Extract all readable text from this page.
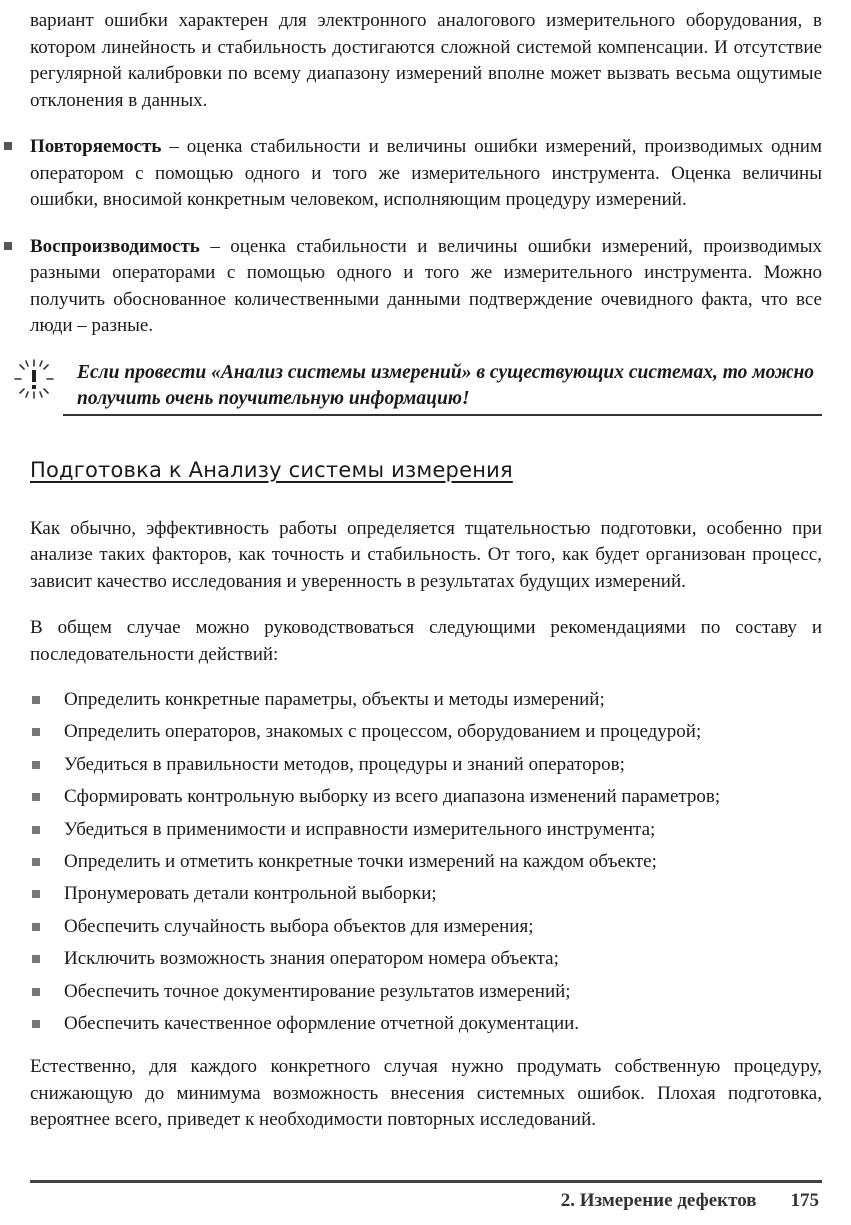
вариант ошибки характерен для электронного аналогового измерительного оборудования, в котором линейность и стабильность достигаются сложной системой компенсации. И отсутствие регулярной калибровки по всему диапазону измерений вполне может вызвать весьма ощутимые отклонения в данных.

Повторяемость – оценка стабильности и величины ошибки измерений, производимых одним оператором с помощью одного и того же измерительного инструмента. Оценка величины ошибки, вносимой конкретным человеком, исполняющим процедуру измерений.

Воспроизводимость – оценка стабильности и величины ошибки измерений, производимых разными операторами с помощью одного и того же измерительного инструмента. Можно получить обоснованное количественными данными подтверждение очевидного факта, что все люди – разные.

Если провести «Анализ системы измерений» в существующих системах, то можно получить очень поучительную информацию!

Подготовка к Анализу системы измерения

Как обычно, эффективность работы определяется тщательностью подготовки, особенно при анализе таких факторов, как точность и стабильность. От того, как будет организован процесс, зависит качество исследования и уверенность в результатах будущих измерений.

В общем случае можно руководствоваться следующими рекомендациями по составу и последовательности действий:

Определить конкретные параметры, объекты и методы измерений;
Определить операторов, знакомых с процессом, оборудованием и процедурой;
Убедиться в правильности методов, процедуры и знаний операторов;
Сформировать контрольную выборку из всего диапазона изменений параметров;
Убедиться в применимости и исправности измерительного инструмента;
Определить и отметить конкретные точки измерений на каждом объекте;
Пронумеровать детали контрольной выборки;
Обеспечить случайность выбора объектов для измерения;
Исключить возможность знания оператором номера объекта;
Обеспечить точное документирование результатов измерений;
Обеспечить качественное оформление отчетной документации.

Естественно, для каждого конкретного случая нужно продумать собственную процедуру, снижающую до минимума возможность внесения системных ошибок. Плохая подготовка, вероятнее всего, приведет к необходимости повторных исследований.

2. Измерение дефектов 175
